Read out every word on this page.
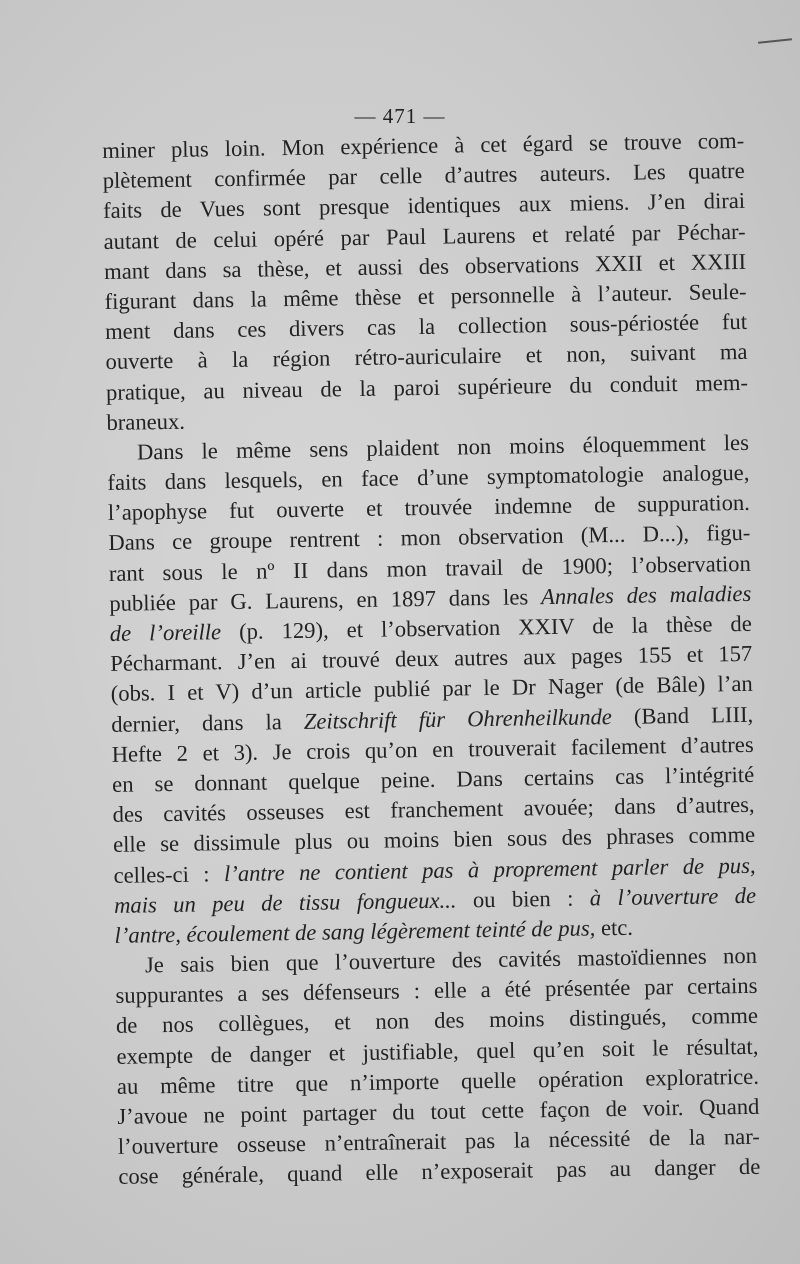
— 471 —
miner plus loin. Mon expérience à cet égard se trouve com-
plètement confirmée par celle d’autres auteurs. Les quatre
faits de Vues sont presque identiques aux miens. J’en dirai
autant de celui opéré par Paul Laurens et relaté par Péchar-
mant dans sa thèse, et aussi des observations XXII et XXIII
figurant dans la même thèse et personnelle à l’auteur. Seule-
ment dans ces divers cas la collection sous-périostée fut
ouverte à la région rétro-auriculaire et non, suivant ma
pratique, au niveau de la paroi supérieure du conduit mem-
braneux.
Dans le même sens plaident non moins éloquemment les
faits dans lesquels, en face d’une symptomatologie analogue,
l’apophyse fut ouverte et trouvée indemne de suppuration.
Dans ce groupe rentrent : mon observation (M... D...), figu-
rant sous le nº II dans mon travail de 1900; l’observation
publiée par G. Laurens, en 1897 dans les Annales des maladies
de l’oreille (p. 129), et l’observation XXIV de la thèse de
Pécharmant. J’en ai trouvé deux autres aux pages 155 et 157
(obs. I et V) d’un article publié par le Dr Nager (de Bâle) l’an
dernier, dans la Zeitschrift für Ohrenheilkunde (Band LIII,
Hefte 2 et 3). Je crois qu’on en trouverait facilement d’autres
en se donnant quelque peine. Dans certains cas l’intégrité
des cavités osseuses est franchement avouée; dans d’autres,
elle se dissimule plus ou moins bien sous des phrases comme
celles-ci : l’antre ne contient pas à proprement parler de pus,
mais un peu de tissu fongueux... ou bien : à l’ouverture de
l’antre, écoulement de sang légèrement teinté de pus, etc.
Je sais bien que l’ouverture des cavités mastoïdiennes non
suppurantes a ses défenseurs : elle a été présentée par certains
de nos collègues, et non des moins distingués, comme
exempte de danger et justifiable, quel qu’en soit le résultat,
au même titre que n’importe quelle opération exploratrice.
J’avoue ne point partager du tout cette façon de voir. Quand
l’ouverture osseuse n’entraînerait pas la nécessité de la nar-
cose générale, quand elle n’exposerait pas au danger de
